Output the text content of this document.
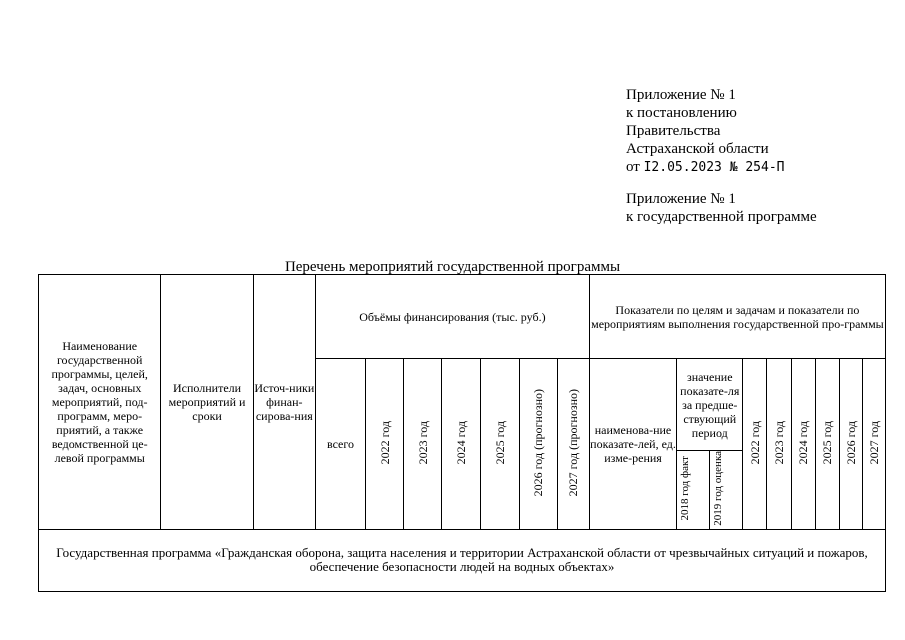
Приложение № 1
к постановлению
Правительства
Астраханской области
от I2.05.2023 № 254-П
Приложение № 1
к государственной программе
Перечень мероприятий государственной программы
Наименование государственной программы, целей, задач, основных мероприятий, под-программ, меро-приятий, а также ведомственной це-левой программы	Исполнители мероприятий и сроки	Источ-ники финан-сирова-ния	Объёмы финансирования (тыс. руб.)							Показатели по целям и задачам и показатели по мероприятиям выполнения государственной про-граммы								
			всего	2022 год	2023 год	2024 год	2025 год	2026 год (прогнозно)	2027 год (прогнозно)	наименова-ние показате-лей, ед. изме-рения	значение показате-ля за предше-ствующий период		2022 год	2023 год	2024 год	2025 год	2026 год	2027 год
											2018 год факт	2019 год оценка						
Государственная программа «Гражданская оборона, защита населения и территории Астраханской области от чрезвычайных ситуаций и пожаров, обеспечение безопасности людей на водных объектах»																		
